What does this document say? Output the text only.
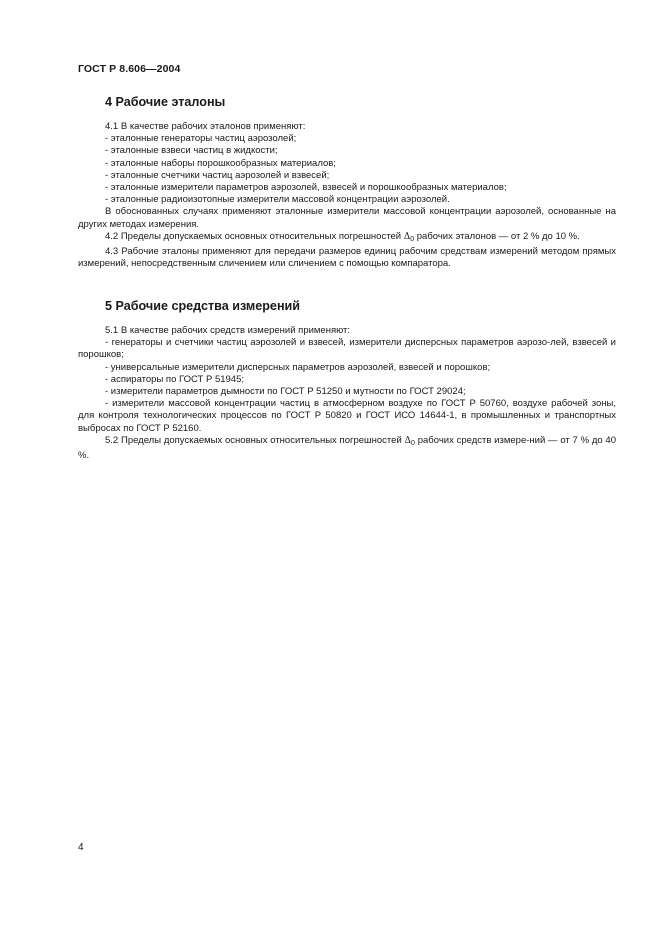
ГОСТ Р 8.606—2004
4 Рабочие эталоны

4.1 В качестве рабочих эталонов применяют:

- эталонные генераторы частиц аэрозолей;

- эталонные взвеси частиц в жидкости;

- эталонные наборы порошкообразных материалов;

- эталонные счетчики частиц аэрозолей и взвесей;

- эталонные измерители параметров аэрозолей, взвесей и порошкообразных материалов;

- эталонные радиоизотопные измерители массовой концентрации аэрозолей.

В обоснованных случаях применяют эталонные измерители массовой концентрации аэрозолей, основанные на других методах измерения.

4.2 Пределы допускаемых основных относительных погрешностей $\Delta_0$ рабочих эталонов — от 2 % до 10 %.

4.3 Рабочие эталоны применяют для передачи размеров единиц рабочим средствам измерений методом прямых измерений, непосредственным сличением или сличением с помощью компаратора.

5 Рабочие средства измерений

5.1 В качестве рабочих средств измерений применяют:

- генераторы и счетчики частиц аэрозолей и взвесей, измерители дисперсных параметров аэрозо-лей, взвесей и порошков;

- универсальные измерители дисперсных параметров аэрозолей, взвесей и порошков;

- аспираторы по ГОСТ Р 51945;

- измерители параметров дымности по ГОСТ Р 51250 и мутности по ГОСТ 29024;

- измерители массовой концентрации частиц в атмосферном воздухе по ГОСТ Р 50760, воздухе рабочей зоны, для контроля технологических процессов по ГОСТ Р 50820 и ГОСТ ИСО 14644-1, в промышленных и транспортных выбросах по ГОСТ Р 52160.

5.2 Пределы допускаемых основных относительных погрешностей $\Delta_0$ рабочих средств измере-ний — от 7 % до 40 %.

4
